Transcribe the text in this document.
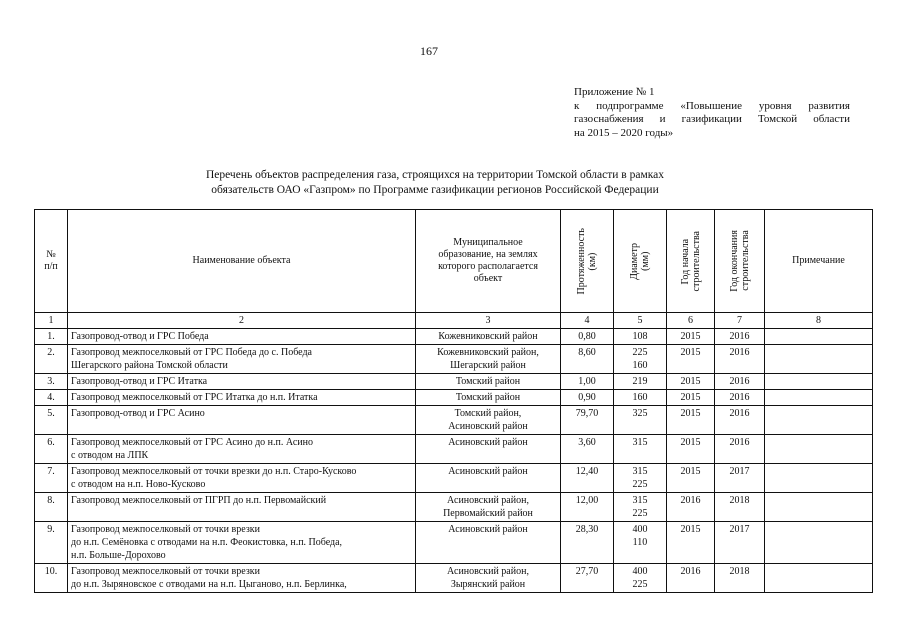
167
Приложение № 1
к подпрограмме «Повышение уровня развития
газоснабжения и газификации Томской области
на 2015 – 2020 годы»
Перечень объектов распределения газа, строящихся на территории Томской области в рамках
обязательств ОАО «Газпром» по Программе газификации регионов Российской Федерации
№
п/п	Наименование объекта	Муниципальное
образование, на землях
которого располагается
объект	Протяженность
(км)	Диаметр
(мм)	Год начала
строительства	Год окончания
строительства	Примечание

1	2	3	4	5	6	7	8
1.	Газопровод-отвод и ГРС Победа	Кожевниковский район	0,80	108	2015	2016	
2.	Газопровод межпоселковый от ГРС Победа до с. Победа
Шегарского района Томской области	Кожевниковский район,
Шегарский район	8,60	225
160	2015	2016	
3.	Газопровод-отвод и ГРС Итатка	Томский район	1,00	219	2015	2016	
4.	Газопровод межпоселковый от ГРС Итатка до н.п. Итатка	Томский район	0,90	160	2015	2016	
5.	Газопровод-отвод и ГРС Асино	Томский район,
Асиновский район	79,70	325	2015	2016	
6.	Газопровод межпоселковый от ГРС Асино до н.п. Асино
с отводом на ЛПК	Асиновский район	3,60	315	2015	2016	
7.	Газопровод межпоселковый от точки врезки до н.п. Старо-Кусково
с отводом на н.п. Ново-Кусково	Асиновский район	12,40	315
225	2015	2017	
8.	Газопровод межпоселковый от ПГРП до н.п. Первомайский	Асиновский район,
Первомайский район	12,00	315
225	2016	2018	
9.	Газопровод межпоселковый от точки врезки
до н.п. Семёновка с отводами на н.п. Феокистовка, н.п. Победа,
н.п. Больше-Дорохово	Асиновский район	28,30	400
110	2015	2017	
10.	Газопровод межпоселковый от точки врезки
до н.п. Зыряновское с отводами на н.п. Цыганово, н.п. Берлинка,	Асиновский район,
Зырянский район	27,70	400
225	2016	2018	
